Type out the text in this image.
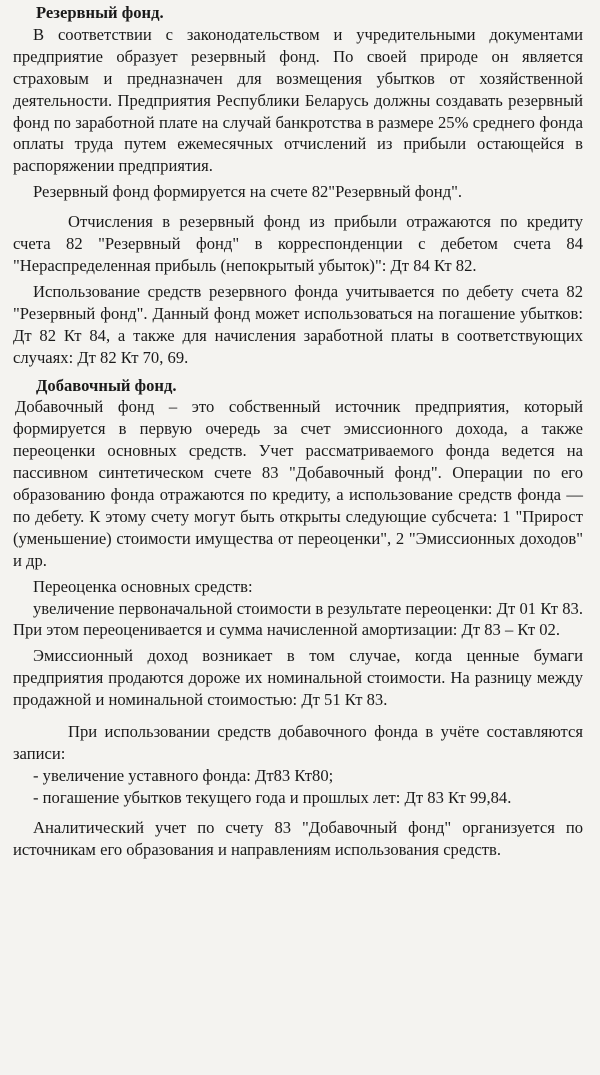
Резервный фонд.

В соответствии с законодательством и учредительными документами предприятие образует резервный фонд. По своей природе он является страховым и предназначен для возмещения убытков от хозяйственной деятельности. Предприятия Республики Беларусь должны создавать резервный фонд по заработной плате на случай банкротства в размере 25% среднего фонда оплаты труда путем ежемесячных отчислений из прибыли остающейся в распоряжении предприятия.

Резервный фонд формируется на счете 82"Резервный фонд".

Отчисления в резервный фонд из прибыли отражаются по кредиту счета 82 "Резервный фонд" в корреспонденции с дебетом счета 84 "Нераспределенная прибыль (непокрытый убыток)": Дт 84 Кт 82.

Использование средств резервного фонда учитывается по дебету счета 82 "Резервный фонд". Данный фонд может использоваться на погашение убытков: Дт 82 Кт 84, а также для начисления заработной платы в соответствующих случаях: Дт 82 Кт 70, 69.

Добавочный фонд.

Добавочный фонд – это собственный источник предприятия, который формируется в первую очередь за счет эмиссионного дохода, а также переоценки основных средств. Учет рассматриваемого фонда ведется на пассивном синтетическом счете 83 "Добавочный фонд". Операции по его образованию фонда отражаются по кредиту, а использование средств фонда — по дебету. К этому счету могут быть открыты следующие субсчета: 1 "Прирост (уменьшение) стоимости имущества от переоценки", 2 "Эмиссионных доходов" и др.

Переоценка основных средств:

увеличение первоначальной стоимости в результате переоценки: Дт 01 Кт 83. При этом переоценивается и сумма начисленной амортизации: Дт 83 – Кт 02.

Эмиссионный доход возникает в том случае, когда ценные бумаги предприятия продаются дороже их номинальной стоимости. На разницу между продажной и номинальной стоимостью: Дт 51 Кт 83.

При использовании средств добавочного фонда в учёте составляются записи:

- увеличение уставного фонда: Дт83 Кт80;

- погашение убытков текущего года и прошлых лет: Дт 83 Кт 99,84.

Аналитический учет по счету 83 "Добавочный фонд" организуется по источникам его образования и направлениям использования средств.
